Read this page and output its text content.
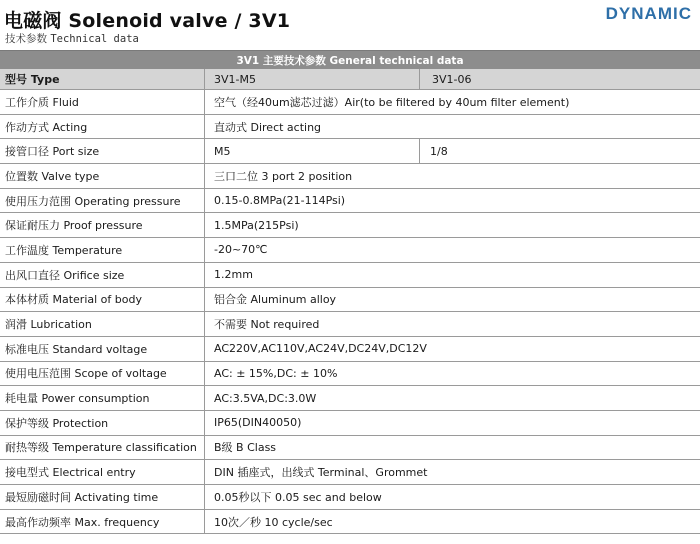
电磁阀 Solenoid valve / 3V1
技术参数 Technical data
DYNAMIC
3V1 主要技术参数 General technical data
型号 Type	3V1-M5	3V1-06
工作介质 Fluid	空气（经40um滤芯过滤）Air(to be filtered by 40um filter element)
作动方式 Acting	直动式 Direct acting
接管口径 Port size	M5	1/8
位置数 Valve type	三口二位 3 port 2 position
使用压力范围 Operating pressure	0.15-0.8MPa(21-114Psi)
保证耐压力 Proof pressure	1.5MPa(215Psi)
工作温度 Temperature	-20~70℃
出风口直径 Orifice size	1.2mm
本体材质 Material of body	铝合金 Aluminum alloy
润滑 Lubrication	不需要 Not required
标准电压 Standard voltage	AC220V,AC110V,AC24V,DC24V,DC12V
使用电压范围 Scope of voltage	AC: ± 15%,DC: ± 10%
耗电量 Power consumption	AC:3.5VA,DC:3.0W
保护等级 Protection	IP65(DIN40050)
耐热等级 Temperature classification	B级 B Class
接电型式 Electrical entry	DIN 插座式，出线式 Terminal、Grommet
最短励磁时间 Activating time	0.05秒以下 0.05 sec and below
最高作动频率 Max. frequency	10次／秒 10 cycle/sec
